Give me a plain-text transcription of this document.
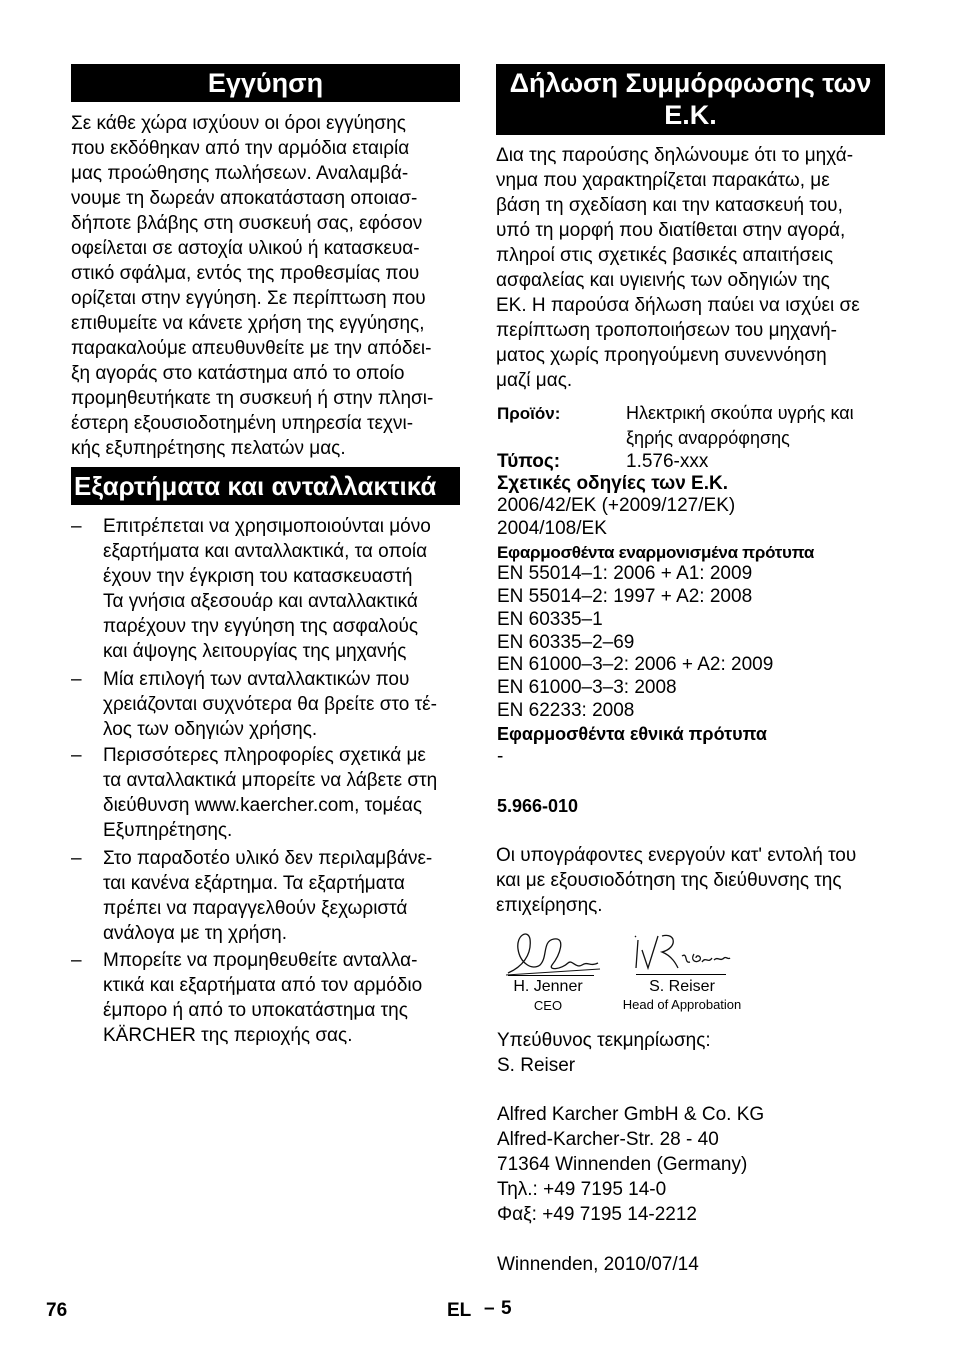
Εγγύηση
Σε κάθε χώρα ισχύουν οι όροι εγγύησης
που εκδόθηκαν από την αρμόδια εταιρία
μας προώθησης πωλήσεων. Αναλαμβά-
νουμε τη δωρεάν αποκατάσταση οποιασ-
δήποτε βλάβης στη συσκευή σας, εφόσον
οφείλεται σε αστοχία υλικού ή κατασκευα-
στικό σφάλμα, εντός της προθεσμίας που
ορίζεται στην εγγύηση. Σε περίπτωση που
επιθυμείτε να κάνετε χρήση της εγγύησης,
παρακαλούμε απευθυνθείτε με την απόδει-
ξη αγοράς στο κατάστημα από το οποίο
προμηθευτήκατε τη συσκευή ή στην πλησι-
έστερη εξουσιοδοτημένη υπηρεσία τεχνι-
κής εξυπηρέτησης πελατών μας.
Εξαρτήματα και ανταλλακτικά
– Επιτρέπεται να χρησιμοποιούνται μόνο
εξαρτήματα και ανταλλακτικά, τα οποία
έχουν την έγκριση του κατασκευαστή
Τα γνήσια αξεσουάρ και ανταλλακτικά
παρέχουν την εγγύηση της ασφαλούς
και άψογης λειτουργίας της μηχανής
– Μία επιλογή των ανταλλακτικών που
χρειάζονται συχνότερα θα βρείτε στο τέ-
λος των οδηγιών χρήσης.
– Περισσότερες πληροφορίες σχετικά με
τα ανταλλακτικά μπορείτε να λάβετε στη
διεύθυνση www.kaercher.com, τομέας
Εξυπηρέτησης.
– Στο παραδοτέο υλικό δεν περιλαμβάνε-
ται κανένα εξάρτημα. Τα εξαρτήματα
πρέπει να παραγγελθούν ξεχωριστά
ανάλογα με τη χρήση.
– Μπορείτε να προμηθευθείτε ανταλλα-
κτικά και εξαρτήματα από τον αρμόδιο
έμπορο ή από το υποκατάστημα της
KÄRCHER της περιοχής σας.
Δήλωση Συμμόρφωσης των
Ε.Κ.
Δια της παρούσης δηλώνουμε ότι το μηχά-
νημα που χαρακτηρίζεται παρακάτω, με
βάση τη σχεδίαση και την κατασκευή του,
υπό τη μορφή που διατίθεται στην αγορά,
πληροί στις σχετικές βασικές απαιτήσεις
ασφαλείας και υγιεινής των οδηγιών της
ΕΚ. Η παρούσα δήλωση παύει να ισχύει σε
περίπτωση τροποποιήσεων του μηχανή-
ματος χωρίς προηγούμενη συνεννόηση
μαζί μας.
Προϊόν:	Ηλεκτρική σκούπα υγρής και
ξηρής αναρρόφησης
Τύπος:	1.576-xxx
Σχετικές οδηγίες των Ε.Κ.
2006/42/EK (+2009/127/EK)
2004/108/EK
Εφαρμοσθέντα εναρμονισμένα πρότυπα
EN 55014–1: 2006 + A1: 2009
EN 55014–2: 1997 + A2: 2008
EN 60335–1
EN 60335–2–69
EN 61000–3–2: 2006 + A2: 2009
EN 61000–3–3: 2008
EN 62233: 2008
Εφαρμοσθέντα εθνικά πρότυπα
-
5.966-010
Οι υπογράφοντες ενεργούν κατ' εντολή του
και με εξουσιοδότηση της διεύθυνσης της
επιχείρησης.
H. Jenner
CEO
S. Reiser
Head of Approbation
Υπεύθυνος τεκμηρίωσης:
S. Reiser
Alfred Karcher GmbH & Co. KG
Alfred-Karcher-Str. 28 - 40
71364 Winnenden (Germany)
Τηλ.: +49 7195 14-0
Φαξ: +49 7195 14-2212
Winnenden, 2010/07/14
76	EL – 5
